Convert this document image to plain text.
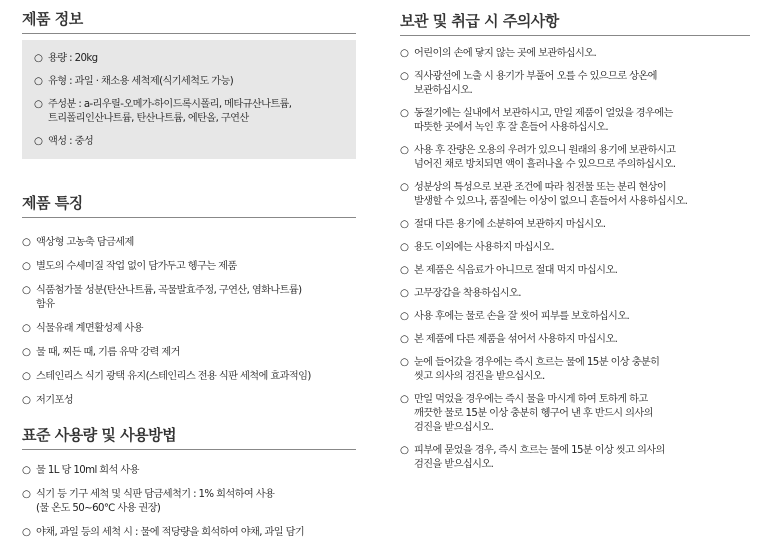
제품 정보
○ 용량 : 20kg
○ 유형 : 과일 · 채소용 세척제(식기세척도 가능)
○ 주성분 : a-리우릴-오메가-하이드록시폴리, 메타규산나트륨,
트리폴리인산나트륨, 탄산나트륨, 에탄올, 구연산
○ 액성 : 중성
제품 특징
○ 액상형 고농축 담금세제
○ 별도의 수세미질 작업 없이 담가두고 헹구는 제품
○ 식품첨가물 성분(탄산나트륨, 곡물발효주정, 구연산, 염화나트륨)
함유
○ 식물유래 계면활성제 사용
○ 물 때, 찌든 때, 기름 유막 강력 제거
○ 스테인리스 식기 광택 유지(스테인리스 전용 식판 세척에 효과적임)
○ 저기포성
표준 사용량 및 사용방법
○ 물 1L 당 10ml 희석 사용
○ 식기 등 기구 세척 및 식판 담금세척기 : 1% 희석하여 사용
(물 온도 50~60℃ 사용 권장)
○ 야채, 과일 등의 세척 시 : 물에 적당량을 희석하여 야채, 과일 담기
보관 및 취급 시 주의사항
○ 어린이의 손에 닿지 않는 곳에 보관하십시오.
○ 직사광선에 노출 시 용기가 부풀어 오를 수 있으므로 상온에
보관하십시오.
○ 동절기에는 실내에서 보관하시고, 만일 제품이 얼었을 경우에는
따뜻한 곳에서 녹인 후 잘 흔들어 사용하십시오.
○ 사용 후 잔량은 오용의 우려가 있으니 원래의 용기에 보관하시고
넘어진 채로 방치되면 액이 흘러나올 수 있으므로 주의하십시오.
○ 성분상의 특성으로 보관 조건에 따라 침전물 또는 분리 현상이
발생할 수 있으나, 품질에는 이상이 없으니 흔들어서 사용하십시오.
○ 절대 다른 용기에 소분하여 보관하지 마십시오.
○ 용도 이외에는 사용하지 마십시오.
○ 본 제품은 식음료가 아니므로 절대 먹지 마십시오.
○ 고무장갑을 착용하십시오.
○ 사용 후에는 물로 손을 잘 씻어 피부를 보호하십시오.
○ 본 제품에 다른 제품을 섞어서 사용하지 마십시오.
○ 눈에 들어갔을 경우에는 즉시 흐르는 물에 15분 이상 충분히
씻고 의사의 검진을 받으십시오.
○ 만일 먹었을 경우에는 즉시 물을 마시게 하여 토하게 하고
깨끗한 물로 15분 이상 충분히 헹구어 낸 후 반드시 의사의
검진을 받으십시오.
○ 피부에 묻었을 경우, 즉시 흐르는 물에 15분 이상 씻고 의사의
검진을 받으십시오.
